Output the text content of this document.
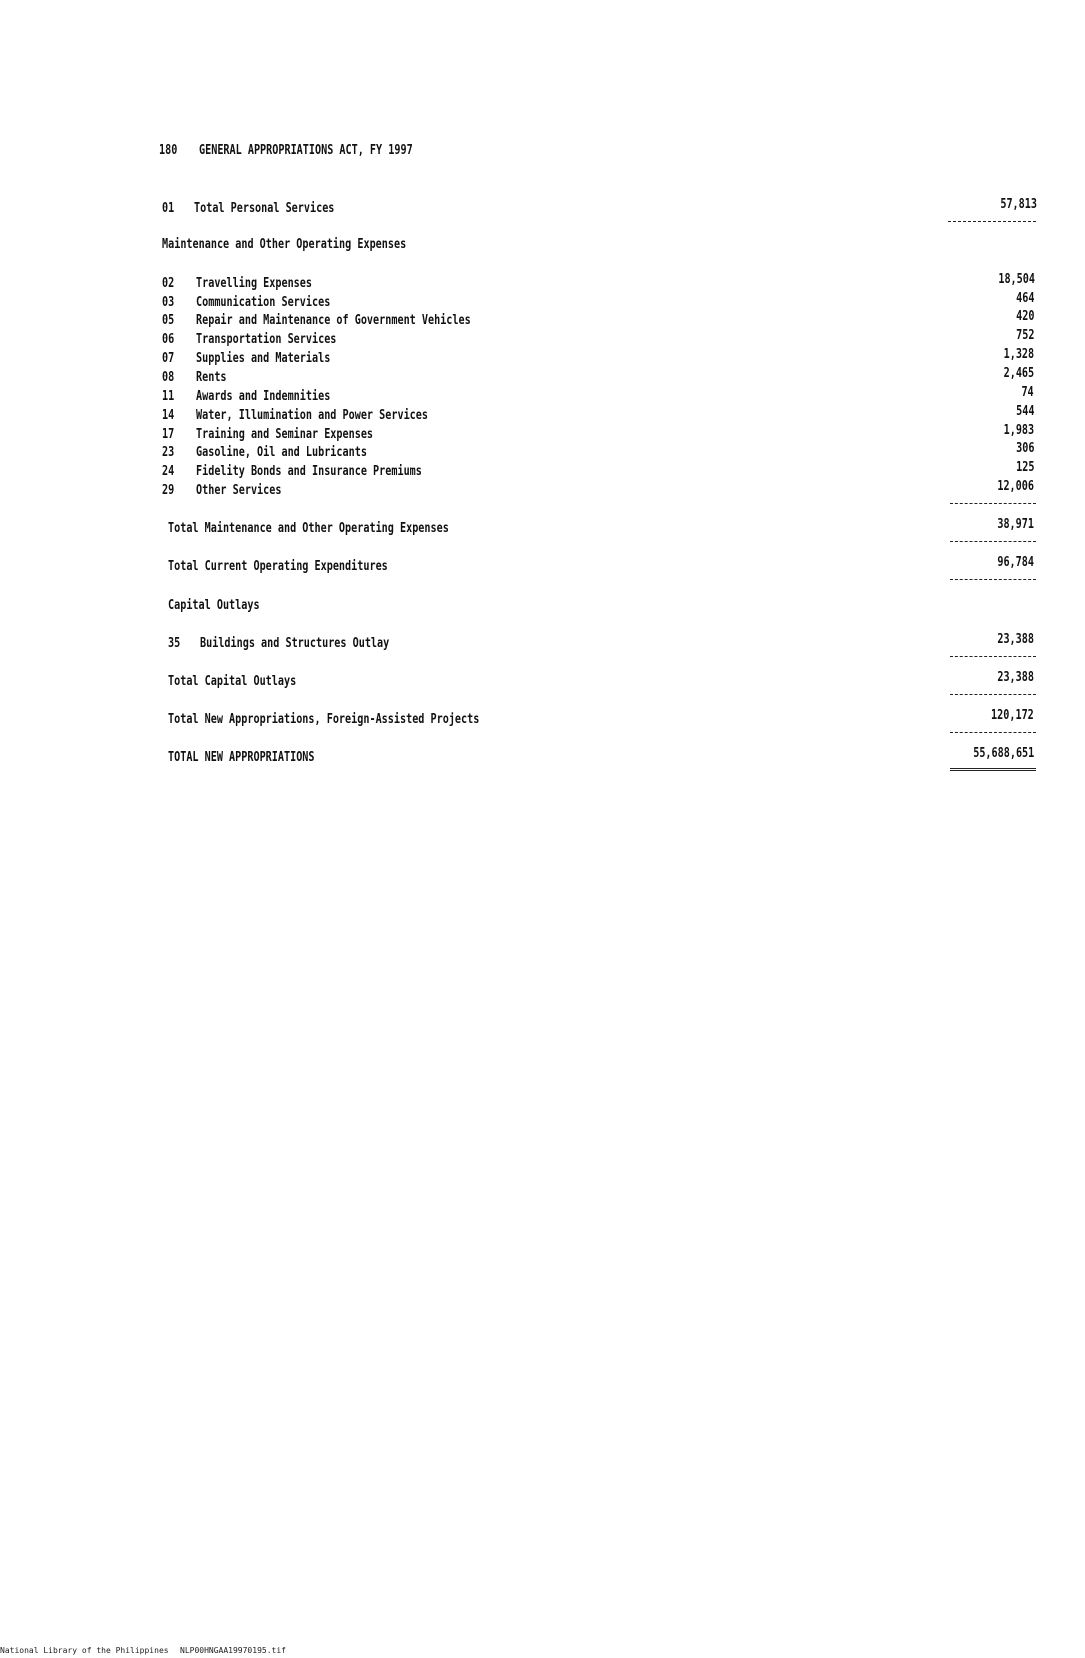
180 GENERAL APPROPRIATIONS ACT, FY 1997
01 Total Personal Services	57,813
Maintenance and Other Operating Expenses
02 Travelling Expenses	18,504
03 Communication Services	464
05 Repair and Maintenance of Government Vehicles	420
06 Transportation Services	752
07 Supplies and Materials	1,328
08 Rents	2,465
11 Awards and Indemnities	74
14 Water, Illumination and Power Services	544
17 Training and Seminar Expenses	1,983
23 Gasoline, Oil and Lubricants	306
24 Fidelity Bonds and Insurance Premiums	125
29 Other Services	12,006
Total Maintenance and Other Operating Expenses	38,971
Total Current Operating Expenditures	96,784
Capital Outlays
35 Buildings and Structures Outlay	23,388
Total Capital Outlays	23,388
Total New Appropriations, Foreign-Assisted Projects	120,172
TOTAL NEW APPROPRIATIONS	55,688,651
National Library of the Philippines NLP00HNGAA19970195.tif
